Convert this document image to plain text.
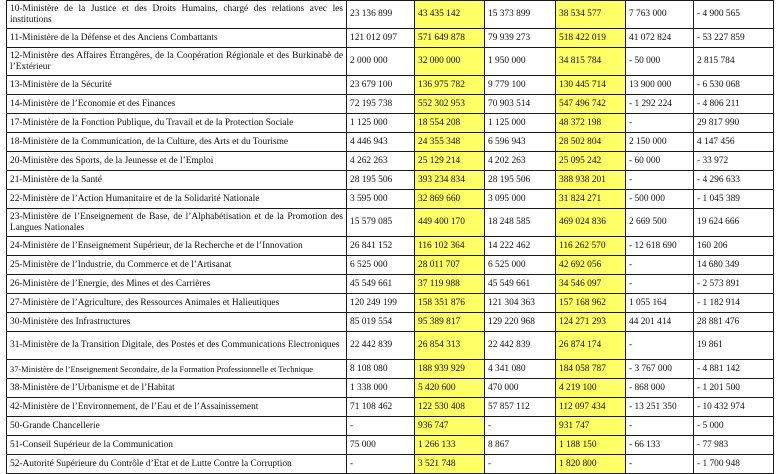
10-Ministère de la Justice et des Droits Humains, chargé des relations avec les institutions	23 136 899	43 435 142	15 373 899	38 534 577	7 763 000	- 4 900 565
11-Ministère de la Défense et des Anciens Combattants	121 012 097	571 649 878	79 939 273	518 422 019	41 072 824	- 53 227 859
12-Ministère des Affaires Etrangères, de la Coopération Régionale et des Burkinabè de l’Extérieur	2 000 000	32 000 000	1 950 000	34 815 784	- 50 000	2 815 784
13-Ministère de la Sécurité	23 679 100	136 975 782	9 779 100	130 445 714	13 900 000	- 6 530 068
14-Ministère de l’Economie et des Finances	72 195 738	552 302 953	70 903 514	547 496 742	- 1 292 224	- 4 806 211
17-Ministère de la Fonction Publique, du Travail et de la Protection Sociale	1 125 000	18 554 208	1 125 000	48 372 198	-	29 817 990
18-Ministère de la Communication, de la Culture, des Arts et du Tourisme	4 446 943	24 355 348	6 596 943	28 502 804	2 150 000	4 147 456
20-Ministère des Sports, de la Jeunesse et de l’Emploi	4 262 263	25 129 214	4 202 263	25 095 242	- 60 000	- 33 972
21-Ministère de la Santé	28 195 506	393 234 834	28 195 506	388 938 201	-	- 4 296 633
22-Ministère de l’Action Humanitaire et de la Solidarité Nationale	3 595 000	32 869 660	3 095 000	31 824 271	- 500 000	- 1 045 389
23-Ministère de l’Enseignement de Base, de l’Alphabétisation et de la Promotion des Langues Nationales	15 579 085	449 400 170	18 248 585	469 024 836	2 669 500	19 624 666
24-Ministère de l’Enseignement Supérieur, de la Recherche et de l’Innovation	26 841 152	116 102 364	14 222 462	116 262 570	- 12 618 690	160 206
25-Ministère de l’Industrie, du Commerce et de l’Artisanat	6 525 000	28 011 707	6 525 000	42 692 056	-	14 680 349
26-Ministère de l’Energie, des Mines et des Carrières	45 549 661	37 119 988	45 549 661	34 546 097	-	- 2 573 891
27-Ministère de l’Agriculture, des Ressources Animales et Halieutiques	120 249 199	158 351 876	121 304 363	157 168 962	1 055 164	- 1 182 914
30-Ministère des Infrastructures	85 019 554	95 389 817	129 220 968	124 271 293	44 201 414	28 881 476
31-Ministère de la Transition Digitale, des Postes et des Communications Electroniques	22 442 839	26 854 313	22 442 839	26 874 174	-	19 861
37-Ministère de l’Enseignement Secondaire, de la Formation Professionnelle et Technique	8 108 080	188 939 929	4 341 080	184 058 787	- 3 767 000	- 4 881 142
38-Ministère de l’Urbanisme et de l’Habitat	1 338 000	5 420 600	470 000	4 219 100	- 868 000	- 1 201 500
42-Ministère de l’Environnement, de l’Eau et de l’Assainissement	71 108 462	122 530 408	57 857 112	112 097 434	- 13 251 350	- 10 432 974
50-Grande Chancellerie	-	936 747	-	931 747	-	- 5 000
51-Conseil Supérieur de la Communication	75 000	1 266 133	8 867	1 188 150	- 66 133	- 77 983
52-Autorité Supérieure du Contrôle d’Etat et de Lutte Contre la Corruption	-	3 521 748	-	1 820 800	-	- 1 700 948
